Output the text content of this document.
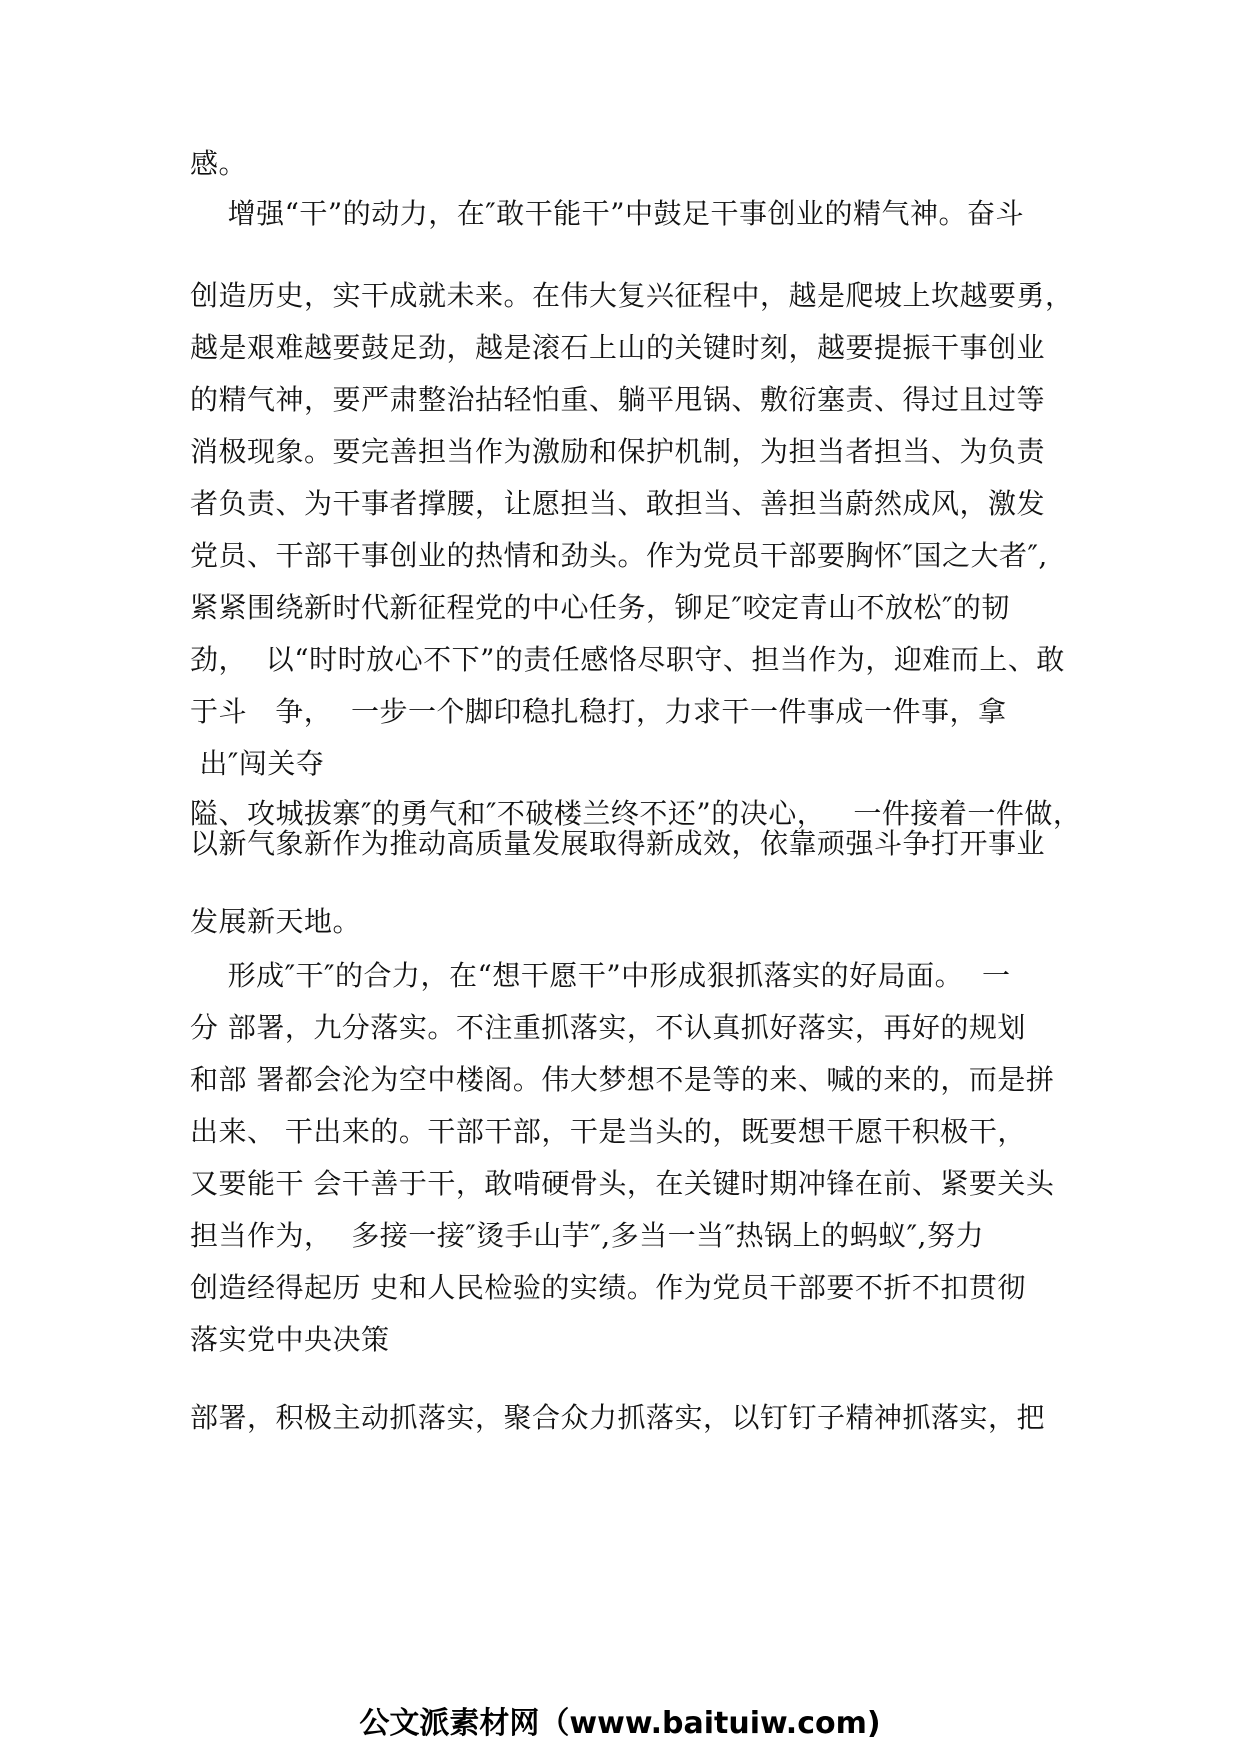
感。
增强“干”的动力，在″敢干能干”中鼓足干事创业的精气神。奋斗
创造历史，实干成就未来。在伟大复兴征程中，越是爬坡上坎越要勇，
越是艰难越要鼓足劲，越是滚石上山的关键时刻，越要提振干事创业
的精气神，要严肃整治拈轻怕重、躺平甩锅、敷衍塞责、得过且过等
消极现象。要完善担当作为激励和保护机制，为担当者担当、为负责
者负责、为干事者撑腰，让愿担当、敢担当、善担当蔚然成风，激发
党员、干部干事创业的热情和劲头。作为党员干部要胸怀″国之大者″,
紧紧围绕新时代新征程党的中心任务，铆足″咬定青山不放松″的韧
劲，  以“时时放心不下”的责任感恪尽职守、担当作为，迎难而上、敢
于斗   争，  一步一个脚印稳扎稳打，力求干一件事成一件事，拿
出″闯关夺
隘、攻城拔寨″的勇气和″不破楼兰终不还”的决心，   一件接着一件做，
以新气象新作为推动高质量发展取得新成效，依靠顽强斗争打开事业
发展新天地。
形成″干″的合力，在“想干愿干”中形成狠抓落实的好局面。  一
分 部署，九分落实。不注重抓落实，不认真抓好落实，再好的规划
和部 署都会沦为空中楼阁。伟大梦想不是等的来、喊的来的，而是拼
出来、 干出来的。干部干部，干是当头的，既要想干愿干积极干，
又要能干 会干善于干，敢啃硬骨头，在关键时期冲锋在前、紧要关头
担当作为，  多接一接″烫手山芋″,多当一当″热锅上的蚂蚁″,努力
创造经得起历 史和人民检验的实绩。作为党员干部要不折不扣贯彻
落实党中央决策
部署，积极主动抓落实，聚合众力抓落实，以钉钉子精神抓落实，把
公文派素材网（www.baituiw.com)
